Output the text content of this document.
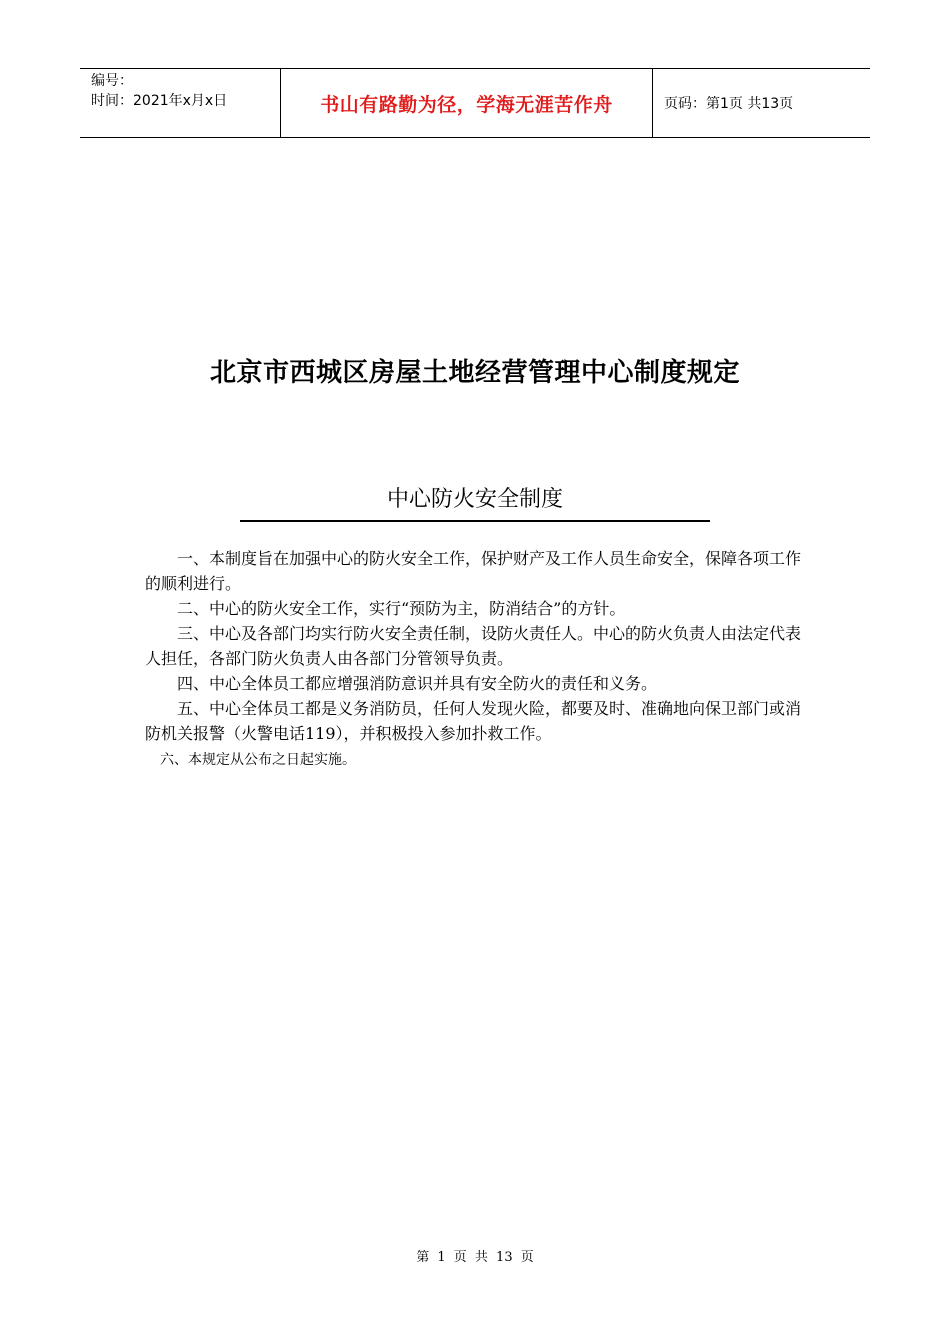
编号：
时间：2021年x月x日	书山有路勤为径，学海无涯苦作舟	页码：第1页 共13页
北京市西城区房屋土地经营管理中心制度规定
中心防火安全制度

一、本制度旨在加强中心的防火安全工作，保护财产及工作人员生命安全，保障各项工作的顺利进行。

二、中心的防火安全工作，实行“预防为主，防消结合”的方针。

三、中心及各部门均实行防火安全责任制，设防火责任人。中心的防火负责人由法定代表人担任，各部门防火负责人由各部门分管领导负责。

四、中心全体员工都应增强消防意识并具有安全防火的责任和义务。

五、中心全体员工都是义务消防员，任何人发现火险，都要及时、准确地向保卫部门或消防机关报警（火警电话119），并积极投入参加扑救工作。

六、本规定从公布之日起实施。

第 1 页 共 13 页
